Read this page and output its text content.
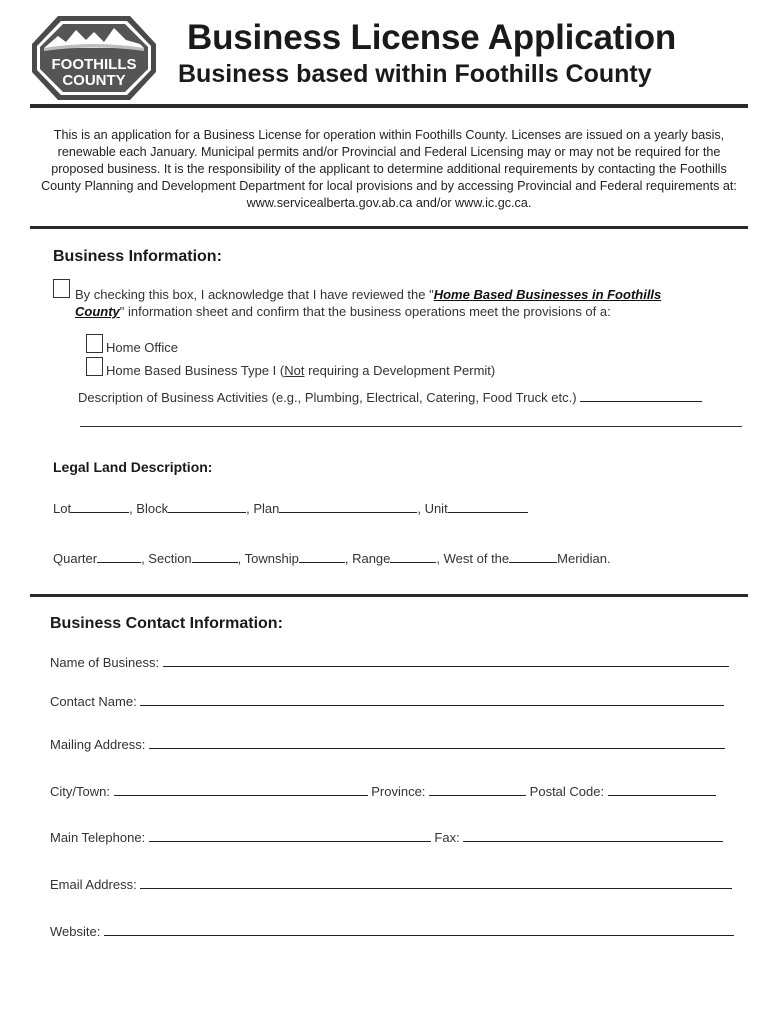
FOOTHILLS
COUNTY
Business License Application
Business based within Foothills County
This is an application for a Business License for operation within Foothills County. Licenses are issued on a yearly basis, renewable each January. Municipal permits and/or Provincial and Federal Licensing may or may not be required for the proposed business. It is the responsibility of the applicant to determine additional requirements by contacting the Foothills County Planning and Development Department for local provisions and by accessing Provincial and Federal requirements at: www.servicealberta.gov.ab.ca and/or www.ic.gc.ca.
Business Information:
By checking this box, I acknowledge that I have reviewed the "Home Based Businesses in Foothills
County" information sheet and confirm that the business operations meet the provisions of a:
Home Office
Home Based Business Type I (Not requiring a Development Permit)
Description of Business Activities (e.g., Plumbing, Electrical, Catering, Food Truck etc.)
Legal Land Description:
Lot	, Block	, Plan	, Unit
Quarter	, Section	, Township	, Range	, West of the	Meridian.
Business Contact Information:
Name of Business:
Contact Name:
Mailing Address:
City/Town:	Province:	Postal Code:
Main Telephone:	Fax:
Email Address:
Website:
